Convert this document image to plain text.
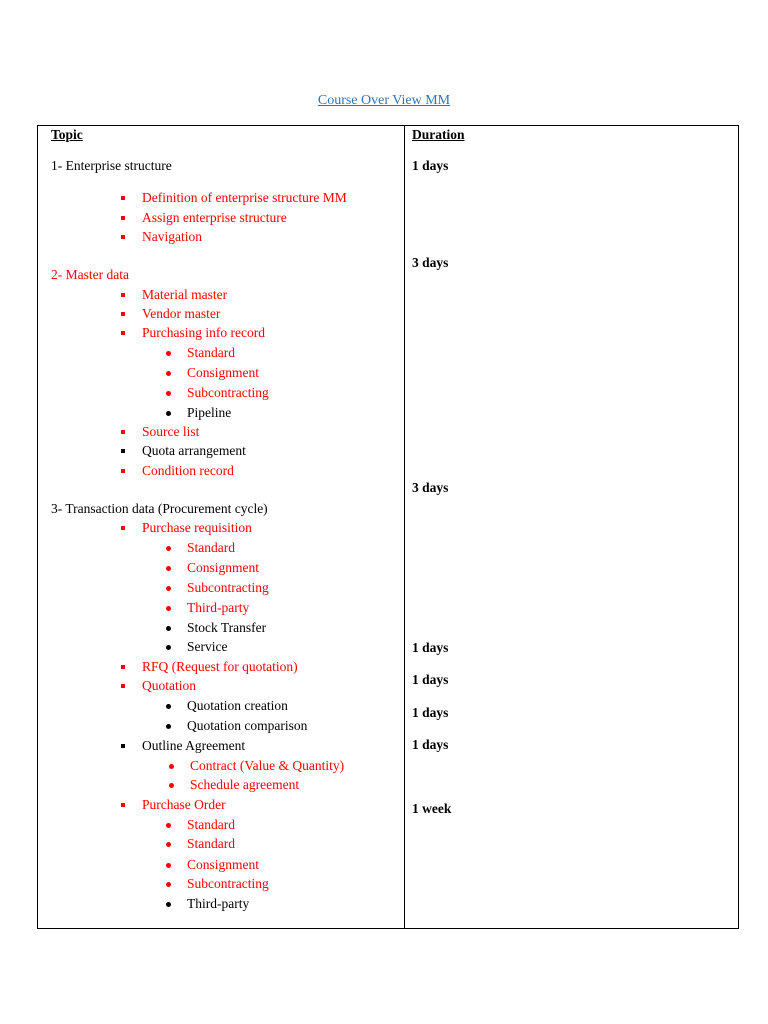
Course Over View MM
Topic	Duration
1- Enterprise structure
Definition of enterprise structure MM
Assign enterprise structure
Navigation
2- Master data
Material master
Vendor master
Purchasing info record
Standard
Consignment
Subcontracting
Pipeline
Source list
Quota arrangement
Condition record
3- Transaction data (Procurement cycle)
Purchase requisition
Standard
Consignment
Subcontracting
Third-party
Stock Transfer
Service
RFQ (Request for quotation)
Quotation
Quotation creation
Quotation comparison
Outline Agreement
Contract (Value & Quantity)
Schedule agreement
Purchase Order
Standard
Standard
Consignment
Subcontracting
Third-party
1 days
3 days
3 days
1 days
1 days
1 days
1 days
1 week
